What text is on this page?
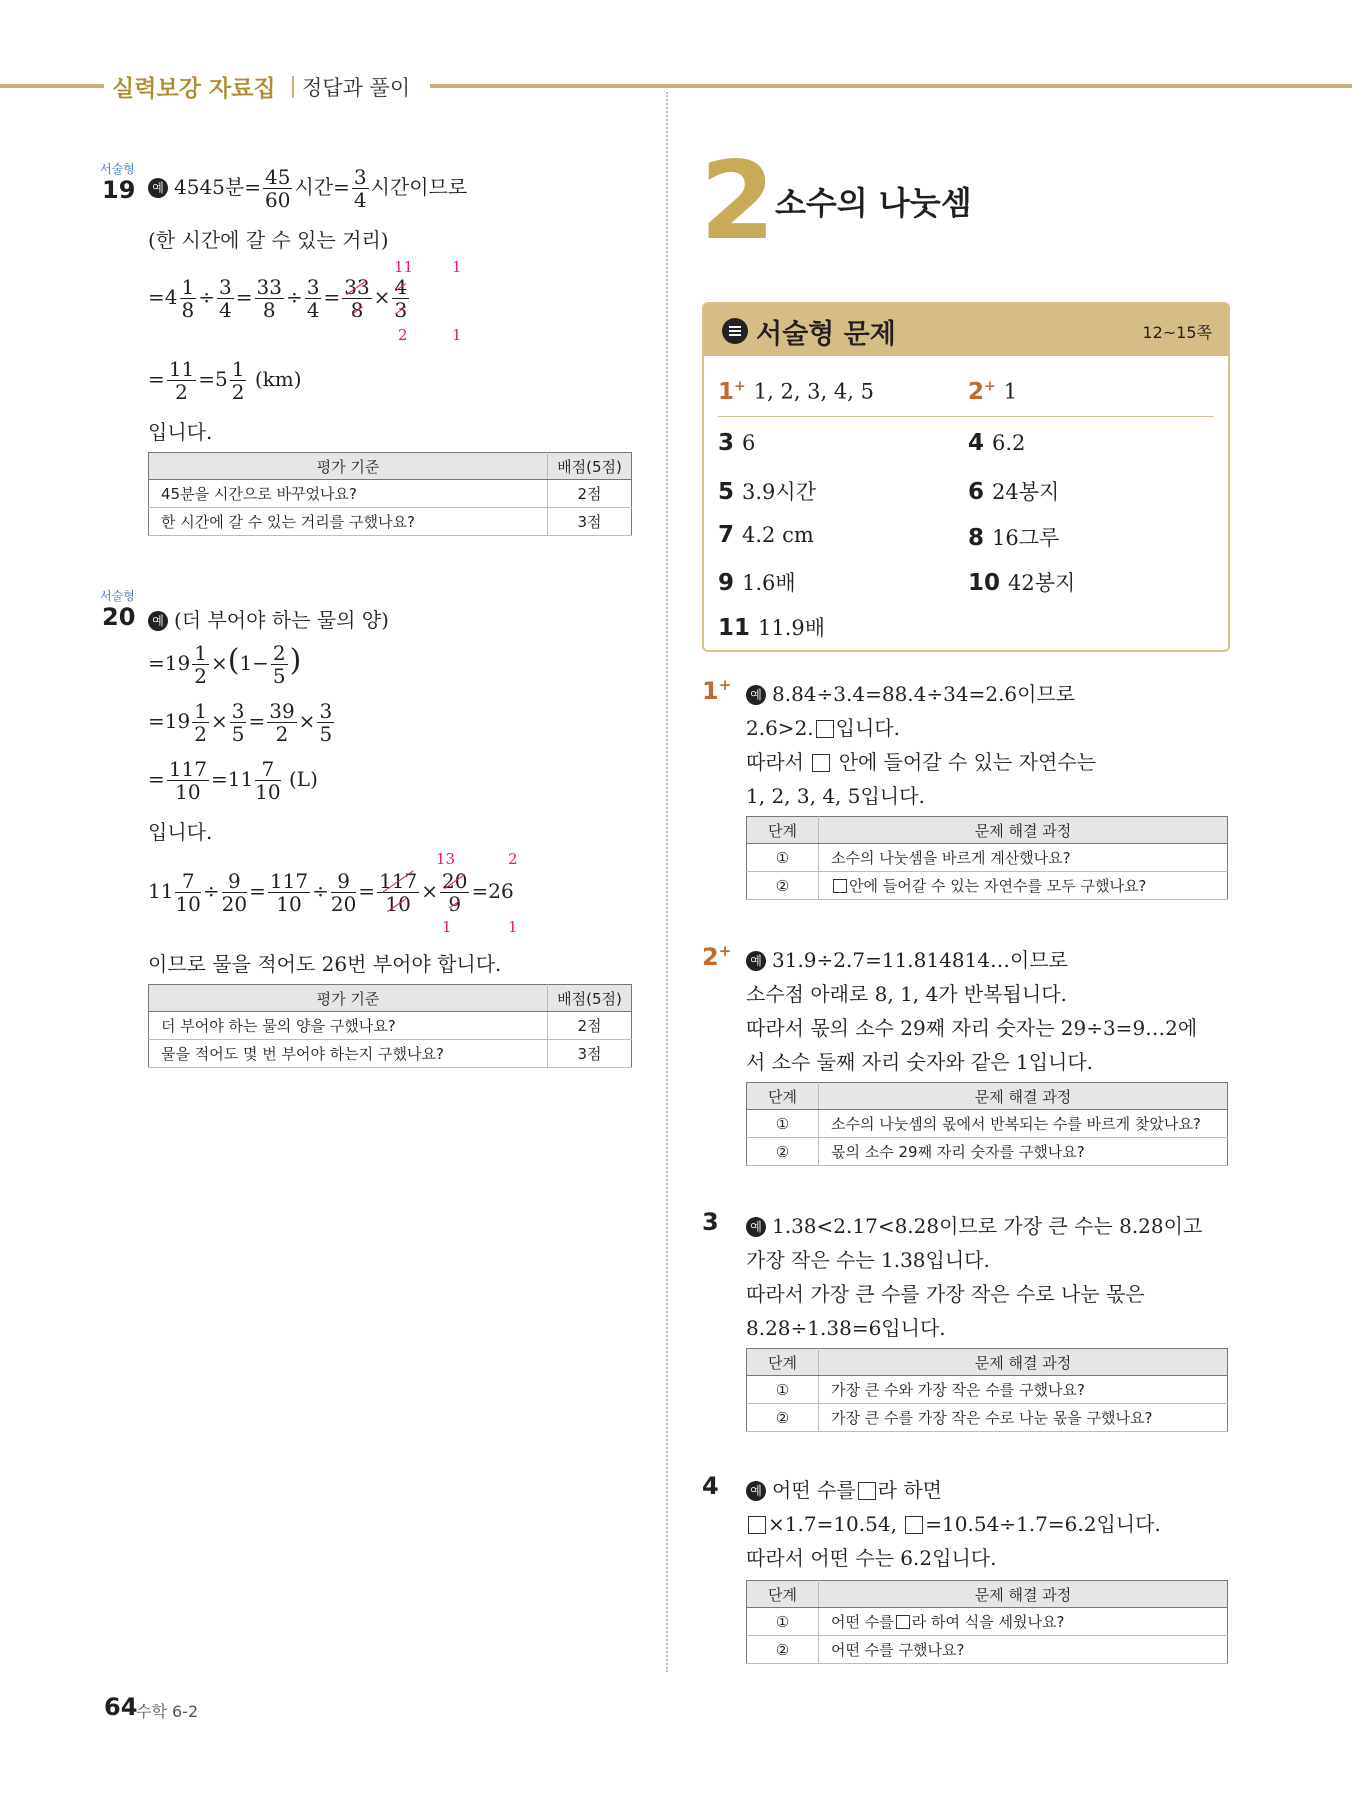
실력보강 자료집 정답과 풀이
서술형
19	예 4545분= $\frac{45}{60}$ 시간= $\frac{3}{4}$ 시간이므로
(한 시간에 갈 수 있는 거리)
$=4 \frac{1}{8} \div \frac{3}{4} = \frac{33}{8} \div \frac{3}{4} = \frac{33}{8} \times \frac{4}{3}$
11	1
2	1
= $\frac{11}{2} =5 \frac{1}{2} (km)$
입니다.
평가 기준	배점(5점)
45분을 시간으로 바꾸었나요?	2점
한 시간에 갈 수 있는 거리를 구했나요?	3점
서술형
20	예 (더 부어야 하는 물의 양)
$=19 \frac{1}{2} \times(1- \frac{2}{5}$ )
$=19 \frac{1}{2} \times \frac{3}{5} = \frac{39}{2} \times \frac{3}{5}$
= $\frac{117}{10} =11 \frac{7}{10} (L)$
입니다.
$11 \frac{7}{10} \div \frac{9}{20} = \frac{117}{10} \div \frac{9}{20} = \frac{117}{10} \times \frac{20}{9} =26$
13	2
1	1
이므로 물을 적어도 26번 부어야 합니다.
평가 기준	배점(5점)
더 부어야 하는 물의 양을 구했나요?	2점
물을 적어도 몇 번 부어야 하는지 구했나요?	3점
2 소수의 나눗셈
서술형 문제	12~15쪽
1+ 1, 2, 3, 4, 5	2+ 1
3 6	4 6.2
5 3.9시간	6 24봉지
7 4.2 cm	8 16그루
9 1.6배	10 42봉지
11 11.9배
1+
예 8.84÷3.4=88.4÷34=2.6이므로
2.6>2. 입니다.
따라서 안에 들어갈 수 있는 자연수는
1, 2, 3, 4, 5입니다.
단계	문제 해결 과정
①	소수의 나눗셈을 바르게 계산했나요?
②	안에 들어갈 수 있는 자연수를 모두 구했나요?
2+
예 31.9÷2.7=11.814814…이므로
소수점 아래로 8, 1, 4가 반복됩니다.
따라서 몫의 소수 29째 자리 숫자는 29÷3=9…2에
서 소수 둘째 자리 숫자와 같은 1입니다.
단계	문제 해결 과정
①	소수의 나눗셈의 몫에서 반복되는 수를 바르게 찾았나요?
②	몫의 소수 29째 자리 숫자를 구했나요?
3	예 1.38<2.17<8.28이므로 가장 큰 수는 8.28이고
가장 작은 수는 1.38입니다.
따라서 가장 큰 수를 가장 작은 수로 나눈 몫은
8.28÷1.38=6입니다.
단계	문제 해결 과정
①	가장 큰 수와 가장 작은 수를 구했나요?
②	가장 큰 수를 가장 작은 수로 나눈 몫을 구했나요?
4	예 어떤 수를 라 하면
×1.7=10.54, =10.54÷1.7=6.2입니다.
따라서 어떤 수는 6.2입니다.
단계	문제 해결 과정
①	어떤 수를 라 하여 식을 세웠나요?
②	어떤 수를 구했나요?
64
수학 6-2
